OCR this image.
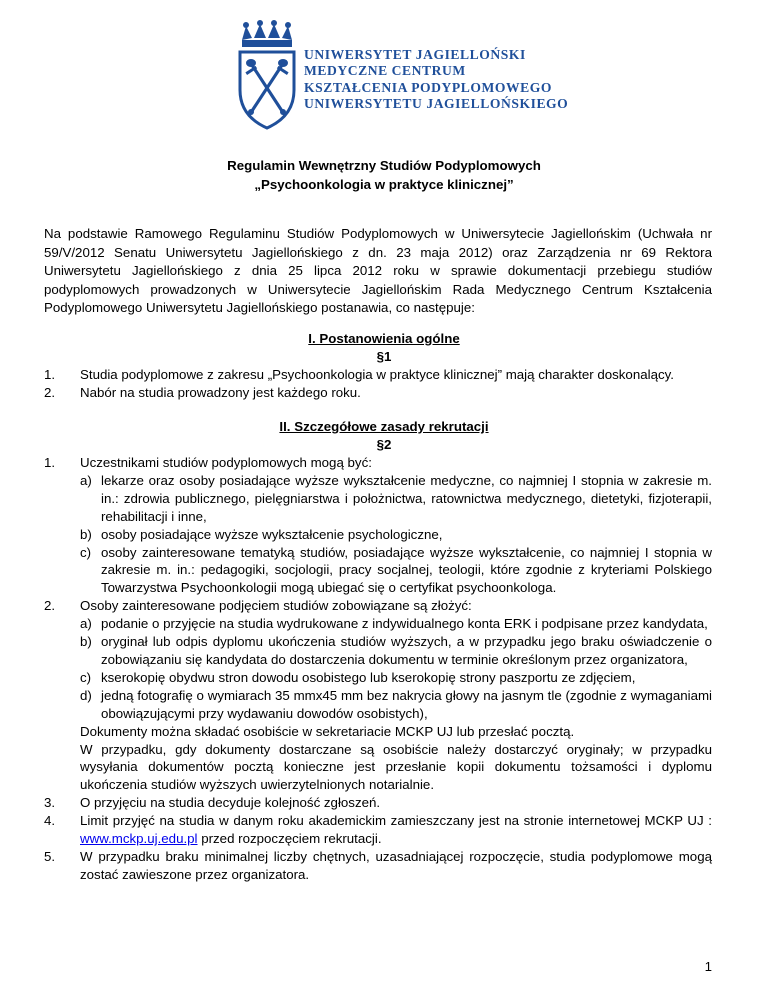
UNIWERSYTET JAGIELLOŃSKI
MEDYCZNE CENTRUM
KSZTAŁCENIA PODYPLOMOWEGO
UNIWERSYTETU JAGIELLOŃSKIEGO
Regulamin Wewnętrzny Studiów Podyplomowych
„Psychoonkologia w praktyce klinicznej”
Na podstawie Ramowego Regulaminu Studiów Podyplomowych w Uniwersytecie Jagiellońskim (Uchwała nr 59/V/2012 Senatu Uniwersytetu Jagiellońskiego z dn. 23 maja 2012) oraz Zarządzenia nr 69 Rektora Uniwersytetu Jagiellońskiego z dnia 25 lipca 2012 roku w sprawie dokumentacji przebiegu studiów podyplomowych prowadzonych w Uniwersytecie Jagiellońskim Rada Medycznego Centrum Kształcenia Podyplomowego Uniwersytetu Jagiellońskiego postanawia, co następuje:
I. Postanowienia ogólne
§1
1. Studia podyplomowe z zakresu „Psychoonkologia w praktyce klinicznej” mają charakter doskonalący.
2. Nabór na studia prowadzony jest każdego roku.
II. Szczegółowe zasady rekrutacji
§2
1. Uczestnikami studiów podyplomowych mogą być:
a) lekarze oraz osoby posiadające wyższe wykształcenie medyczne, co najmniej I stopnia w zakresie m. in.: zdrowia publicznego, pielęgniarstwa i położnictwa, ratownictwa medycznego, dietetyki, fizjoterapii, rehabilitacji i inne,
b) osoby posiadające wyższe wykształcenie psychologiczne,
c) osoby zainteresowane tematyką studiów, posiadające wyższe wykształcenie, co najmniej I stopnia w zakresie m. in.: pedagogiki, socjologii, pracy socjalnej, teologii, które zgodnie z kryteriami Polskiego Towarzystwa Psychoonkologii mogą ubiegać się o certyfikat psychoonkologa.
2. Osoby zainteresowane podjęciem studiów zobowiązane są złożyć:
a) podanie o przyjęcie na studia wydrukowane z indywidualnego konta ERK i podpisane przez kandydata,
b) oryginał lub odpis dyplomu ukończenia studiów wyższych, a w przypadku jego braku oświadczenie o zobowiązaniu się kandydata do dostarczenia dokumentu w terminie określonym przez organizatora,
c) kserokopię obydwu stron dowodu osobistego lub kserokopię strony paszportu ze zdjęciem,
d) jedną fotografię o wymiarach 35 mmx45 mm bez nakrycia głowy na jasnym tle (zgodnie z wymaganiami obowiązującymi przy wydawaniu dowodów osobistych),
Dokumenty można składać osobiście w sekretariacie MCKP UJ lub przesłać pocztą.
W przypadku, gdy dokumenty dostarczane są osobiście należy dostarczyć oryginały; w przypadku wysyłania dokumentów pocztą konieczne jest przesłanie kopii dokumentu tożsamości i dyplomu ukończenia studiów wyższych uwierzytelnionych notarialnie.
3. O przyjęciu na studia decyduje kolejność zgłoszeń.
4. Limit przyjęć na studia w danym roku akademickim zamieszczany jest na stronie internetowej MCKP UJ : www.mckp.uj.edu.pl przed rozpoczęciem rekrutacji.
5. W przypadku braku minimalnej liczby chętnych, uzasadniającej rozpoczęcie, studia podyplomowe mogą zostać zawieszone przez organizatora.
1
